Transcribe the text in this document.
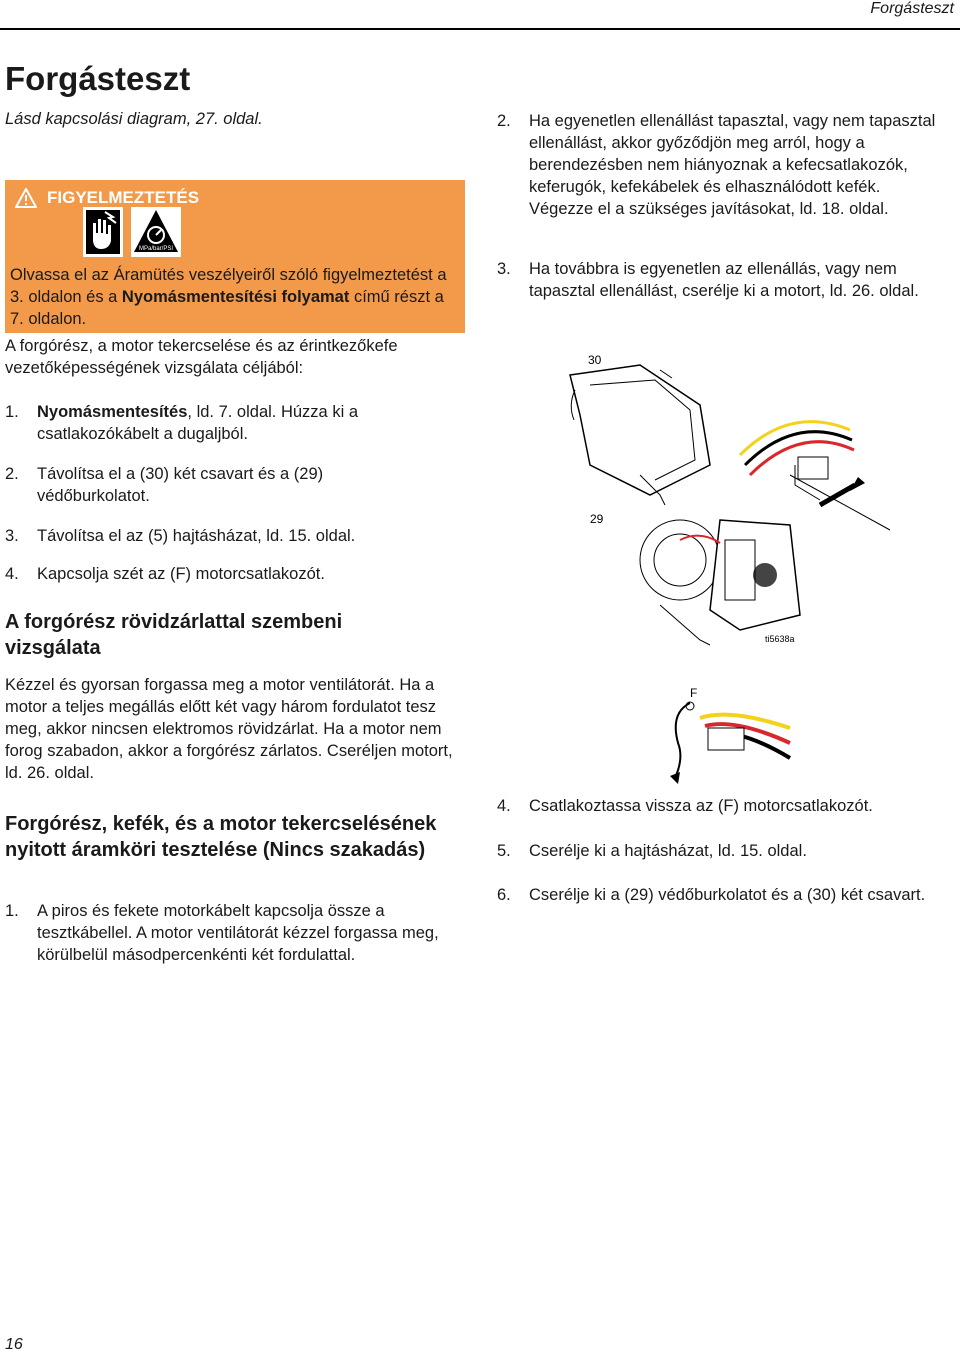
Forgásteszt
Forgásteszt
Lásd kapcsolási diagram, 27. oldal.
FIGYELMEZTETÉS
MPa/bar/PSI
Olvassa el az Áramütés veszélyeiről szóló figyelmeztetést a 3. oldalon és a Nyomásmentesítési folyamat című részt a 7. oldalon.
A forgórész, a motor tekercselése és az érintkezőkefe vezetőképességének vizsgálata céljából:
1.	Nyomásmentesítés, ld. 7. oldal. Húzza ki a csatlakozókábelt a dugaljból.
2.	Távolítsa el a (30) két csavart és a (29) védőburkolatot.
3.	Távolítsa el az (5) hajtásházat, ld. 15. oldal.
4.	Kapcsolja szét az (F) motorcsatlakozót.
A forgórész rövidzárlattal szembeni vizsgálata

Kézzel és gyorsan forgassa meg a motor ventilátorát. Ha a motor a teljes megállás előtt két vagy három fordulatot tesz meg, akkor nincsen elektromos rövidzárlat. Ha a motor nem forog szabadon, akkor a forgórész zárlatos. Cseréljen motort, ld. 26. oldal.

Forgórész, kefék, és a motor tekercselésének nyitott áramköri tesztelése (Nincs szakadás)
1.	A piros és fekete motorkábelt kapcsolja össze a tesztkábellel. A motor ventilátorát kézzel forgassa meg, körülbelül másodpercenkénti két fordulattal.
2.	Ha egyenetlen ellenállást tapasztal, vagy nem tapasztal ellenállást, akkor győződjön meg arról, hogy a berendezésben nem hiányoznak a kefecsatlakozók, keferugók, kefekábelek és elhasználódott kefék. Végezze el a szükséges javításokat, ld. 18. oldal.
3.	Ha továbbra is egyenetlen az ellenállás, vagy nem tapasztal ellenállást, cserélje ki a motort, ld. 26. oldal.
30
29
ti5638a
F
4.	Csatlakoztassa vissza az (F) motorcsatlakozót.
5.	Cserélje ki a hajtásházat, ld. 15. oldal.
6.	Cserélje ki a (29) védőburkolatot és a (30) két csavart.
16
